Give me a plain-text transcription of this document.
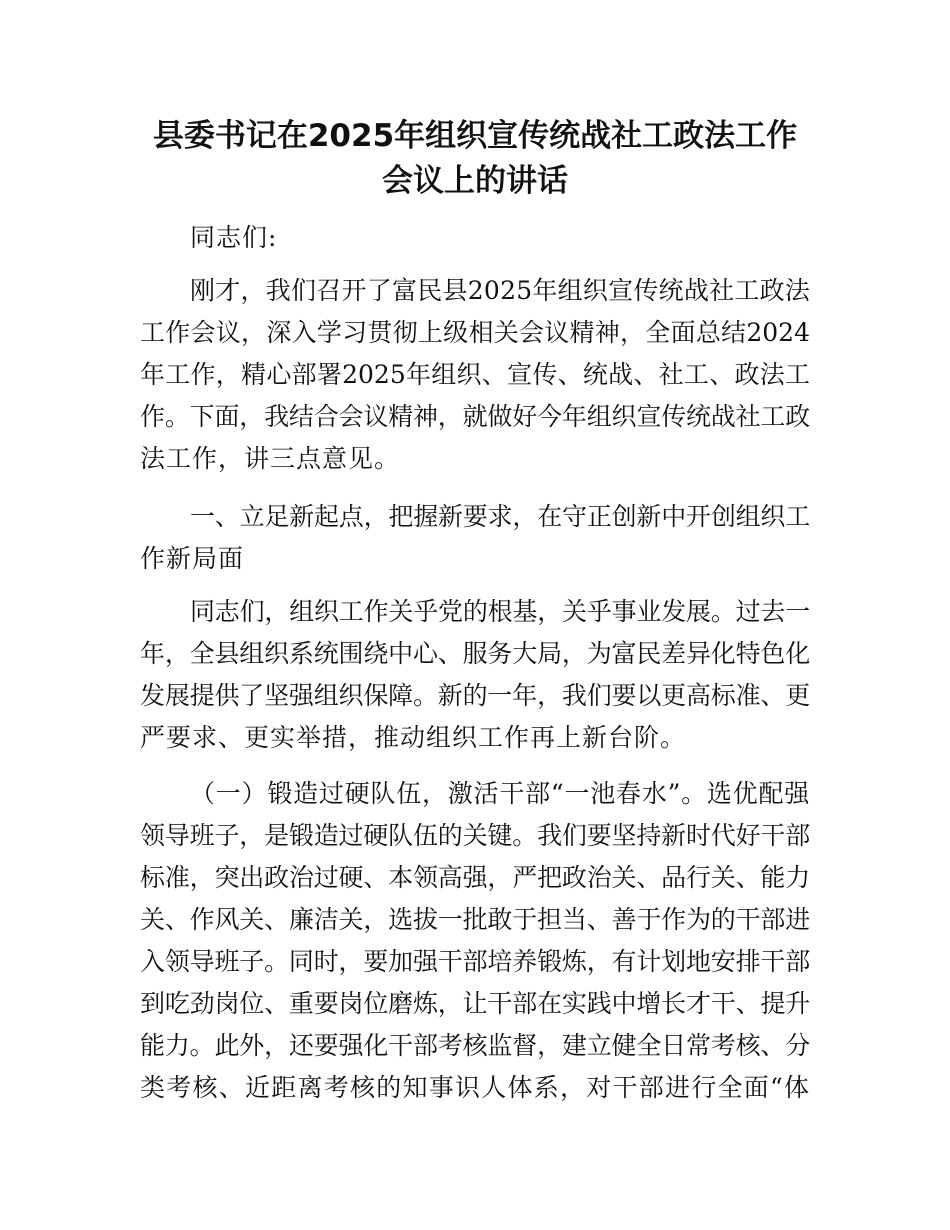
县委书记在2025年组织宣传统战社工政法工作
会议上的讲话

同志们:

刚才，我们召开了富民县2025年组织宣传统战社工政法
工作会议，深入学习贯彻上级相关会议精神，全面总结2024
年工作，精心部署2025年组织、宣传、统战、社工、政法工
作。下面，我结合会议精神，就做好今年组织宣传统战社工政
法工作，讲三点意见。

一、立足新起点，把握新要求，在守正创新中开创组织工
作新局面

同志们，组织工作关乎党的根基，关乎事业发展。过去一
年，全县组织系统围绕中心、服务大局，为富民差异化特色化
发展提供了坚强组织保障。新的一年，我们要以更高标准、更
严要求、更实举措，推动组织工作再上新台阶。

（一）锻造过硬队伍，激活干部“一池春水”。选优配强
领导班子，是锻造过硬队伍的关键。我们要坚持新时代好干部
标准，突出政治过硬、本领高强，严把政治关、品行关、能力
关、作风关、廉洁关，选拔一批敢于担当、善于作为的干部进
入领导班子。同时，要加强干部培养锻炼，有计划地安排干部
到吃劲岗位、重要岗位磨炼，让干部在实践中增长才干、提升
能力。此外，还要强化干部考核监督，建立健全日常考核、分
类考核、近距离考核的知事识人体系，对干部进行全面“体
